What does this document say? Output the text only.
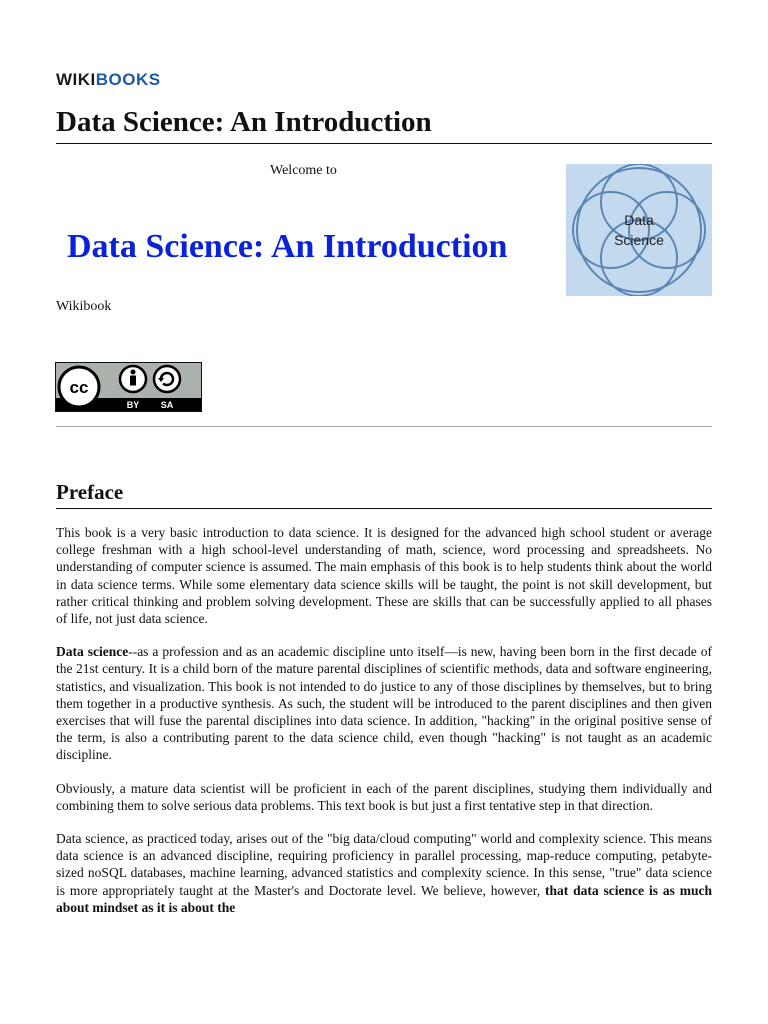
WIKIBOOKS
Data Science: An Introduction
Welcome to
Data Science: An Introduction
Wikibook
Data
Science
cc
BY SA
Preface

This book is a very basic introduction to data science. It is designed for the advanced high school student or average college freshman with a high school-level understanding of math, science, word processing and spreadsheets. No understanding of computer science is assumed. The main emphasis of this book is to help students think about the world in data science terms. While some elementary data science skills will be taught, the point is not skill development, but rather critical thinking and problem solving development. These are skills that can be successfully applied to all phases of life, not just data science.

Data science--as a profession and as an academic discipline unto itself—is new, having been born in the first decade of the 21st century. It is a child born of the mature parental disciplines of scientific methods, data and software engineering, statistics, and visualization. This book is not intended to do justice to any of those disciplines by themselves, but to bring them together in a productive synthesis. As such, the student will be introduced to the parent disciplines and then given exercises that will fuse the parental disciplines into data science. In addition, "hacking" in the original positive sense of the term, is also a contributing parent to the data science child, even though "hacking" is not taught as an academic discipline.

Obviously, a mature data scientist will be proficient in each of the parent disciplines, studying them individually and combining them to solve serious data problems. This text book is but just a first tentative step in that direction.

Data science, as practiced today, arises out of the "big data/cloud computing" world and complexity science. This means data science is an advanced discipline, requiring proficiency in parallel processing, map-reduce computing, petabyte-sized noSQL databases, machine learning, advanced statistics and complexity science. In this sense, "true" data science is more appropriately taught at the Master's and Doctorate level. We believe, however, that data science is as much about mindset as it is about the
